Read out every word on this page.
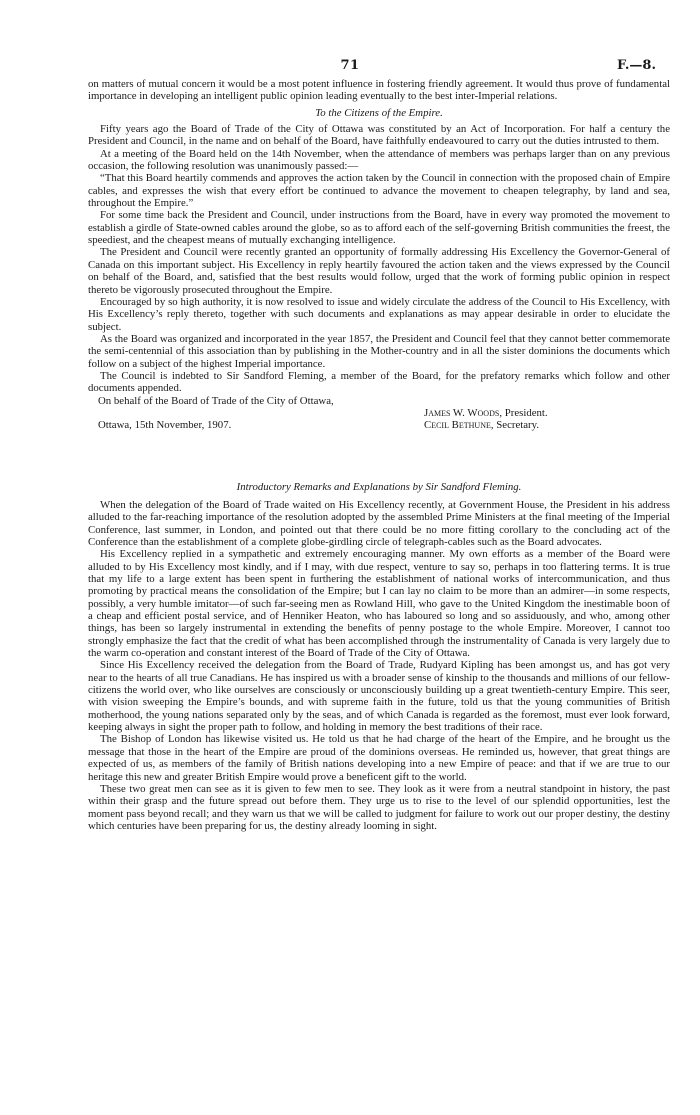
71	F.—8.

on matters of mutual concern it would be a most potent influence in fostering friendly agreement. It would thus prove of fundamental importance in developing an intelligent public opinion leading eventually to the best inter-Imperial relations.

To the Citizens of the Empire.

Fifty years ago the Board of Trade of the City of Ottawa was constituted by an Act of Incorporation. For half a century the President and Council, in the name and on behalf of the Board, have faithfully endeavoured to carry out the duties intrusted to them.

At a meeting of the Board held on the 14th November, when the attendance of members was perhaps larger than on any previous occasion, the following resolution was unanimously passed:—

“That this Board heartily commends and approves the action taken by the Council in connection with the proposed chain of Empire cables, and expresses the wish that every effort be continued to advance the movement to cheapen telegraphy, by land and sea, throughout the Empire.”

For some time back the President and Council, under instructions from the Board, have in every way promoted the movement to establish a girdle of State-owned cables around the globe, so as to afford each of the self-governing British communities the freest, the speediest, and the cheapest means of mutually exchanging intelligence.

The President and Council were recently granted an opportunity of formally addressing His Excellency the Governor-General of Canada on this important subject. His Excellency in reply heartily favoured the action taken and the views expressed by the Council on behalf of the Board, and, satisfied that the best results would follow, urged that the work of forming public opinion in respect thereto be vigorously prosecuted throughout the Empire.

Encouraged by so high authority, it is now resolved to issue and widely circulate the address of the Council to His Excellency, with His Excellency’s reply thereto, together with such documents and explanations as may appear desirable in order to elucidate the subject.

As the Board was organized and incorporated in the year 1857, the President and Council feel that they cannot better commemorate the semi-centennial of this association than by publishing in the Mother-country and in all the sister dominions the documents which follow on a subject of the highest Imperial importance.

The Council is indebted to Sir Sandford Fleming, a member of the Board, for the prefatory remarks which follow and other documents appended.

On behalf of the Board of Trade of the City of Ottawa,
Ottawa, 15th November, 1907.
James W. Woods, President.
Cecil Bethune, Secretary.

Introductory Remarks and Explanations by Sir Sandford Fleming.

When the delegation of the Board of Trade waited on His Excellency recently, at Government House, the President in his address alluded to the far-reaching importance of the resolution adopted by the assembled Prime Ministers at the final meeting of the Imperial Conference, last summer, in London, and pointed out that there could be no more fitting corollary to the concluding act of the Conference than the establishment of a complete globe-girdling circle of telegraph-cables such as the Board advocates.

His Excellency replied in a sympathetic and extremely encouraging manner. My own efforts as a member of the Board were alluded to by His Excellency most kindly, and if I may, with due respect, venture to say so, perhaps in too flattering terms. It is true that my life to a large extent has been spent in furthering the establishment of national works of intercommunication, and thus promoting by practical means the consolidation of the Empire; but I can lay no claim to be more than an admirer—in some respects, possibly, a very humble imitator—of such far-seeing men as Rowland Hill, who gave to the United Kingdom the inestimable boon of a cheap and efficient postal service, and of Henniker Heaton, who has laboured so long and so assiduously, and who, among other things, has been so largely instrumental in extending the benefits of penny postage to the whole Empire. Moreover, I cannot too strongly emphasize the fact that the credit of what has been accomplished through the instrumentality of Canada is very largely due to the warm co-operation and constant interest of the Board of Trade of the City of Ottawa.

Since His Excellency received the delegation from the Board of Trade, Rudyard Kipling has been amongst us, and has got very near to the hearts of all true Canadians. He has inspired us with a broader sense of kinship to the thousands and millions of our fellow-citizens the world over, who like ourselves are consciously or unconsciously building up a great twentieth-century Empire. This seer, with vision sweeping the Empire’s bounds, and with supreme faith in the future, told us that the young communities of British motherhood, the young nations separated only by the seas, and of which Canada is regarded as the foremost, must ever look forward, keeping always in sight the proper path to follow, and holding in memory the best traditions of their race.

The Bishop of London has likewise visited us. He told us that he had charge of the heart of the Empire, and he brought us the message that those in the heart of the Empire are proud of the dominions overseas. He reminded us, however, that great things are expected of us, as members of the family of British nations developing into a new Empire of peace: and that if we are true to our heritage this new and greater British Empire would prove a beneficent gift to the world.

These two great men can see as it is given to few men to see. They look as it were from a neutral standpoint in history, the past within their grasp and the future spread out before them. They urge us to rise to the level of our splendid opportunities, lest the moment pass beyond recall; and they warn us that we will be called to judgment for failure to work out our proper destiny, the destiny which centuries have been preparing for us, the destiny already looming in sight.
